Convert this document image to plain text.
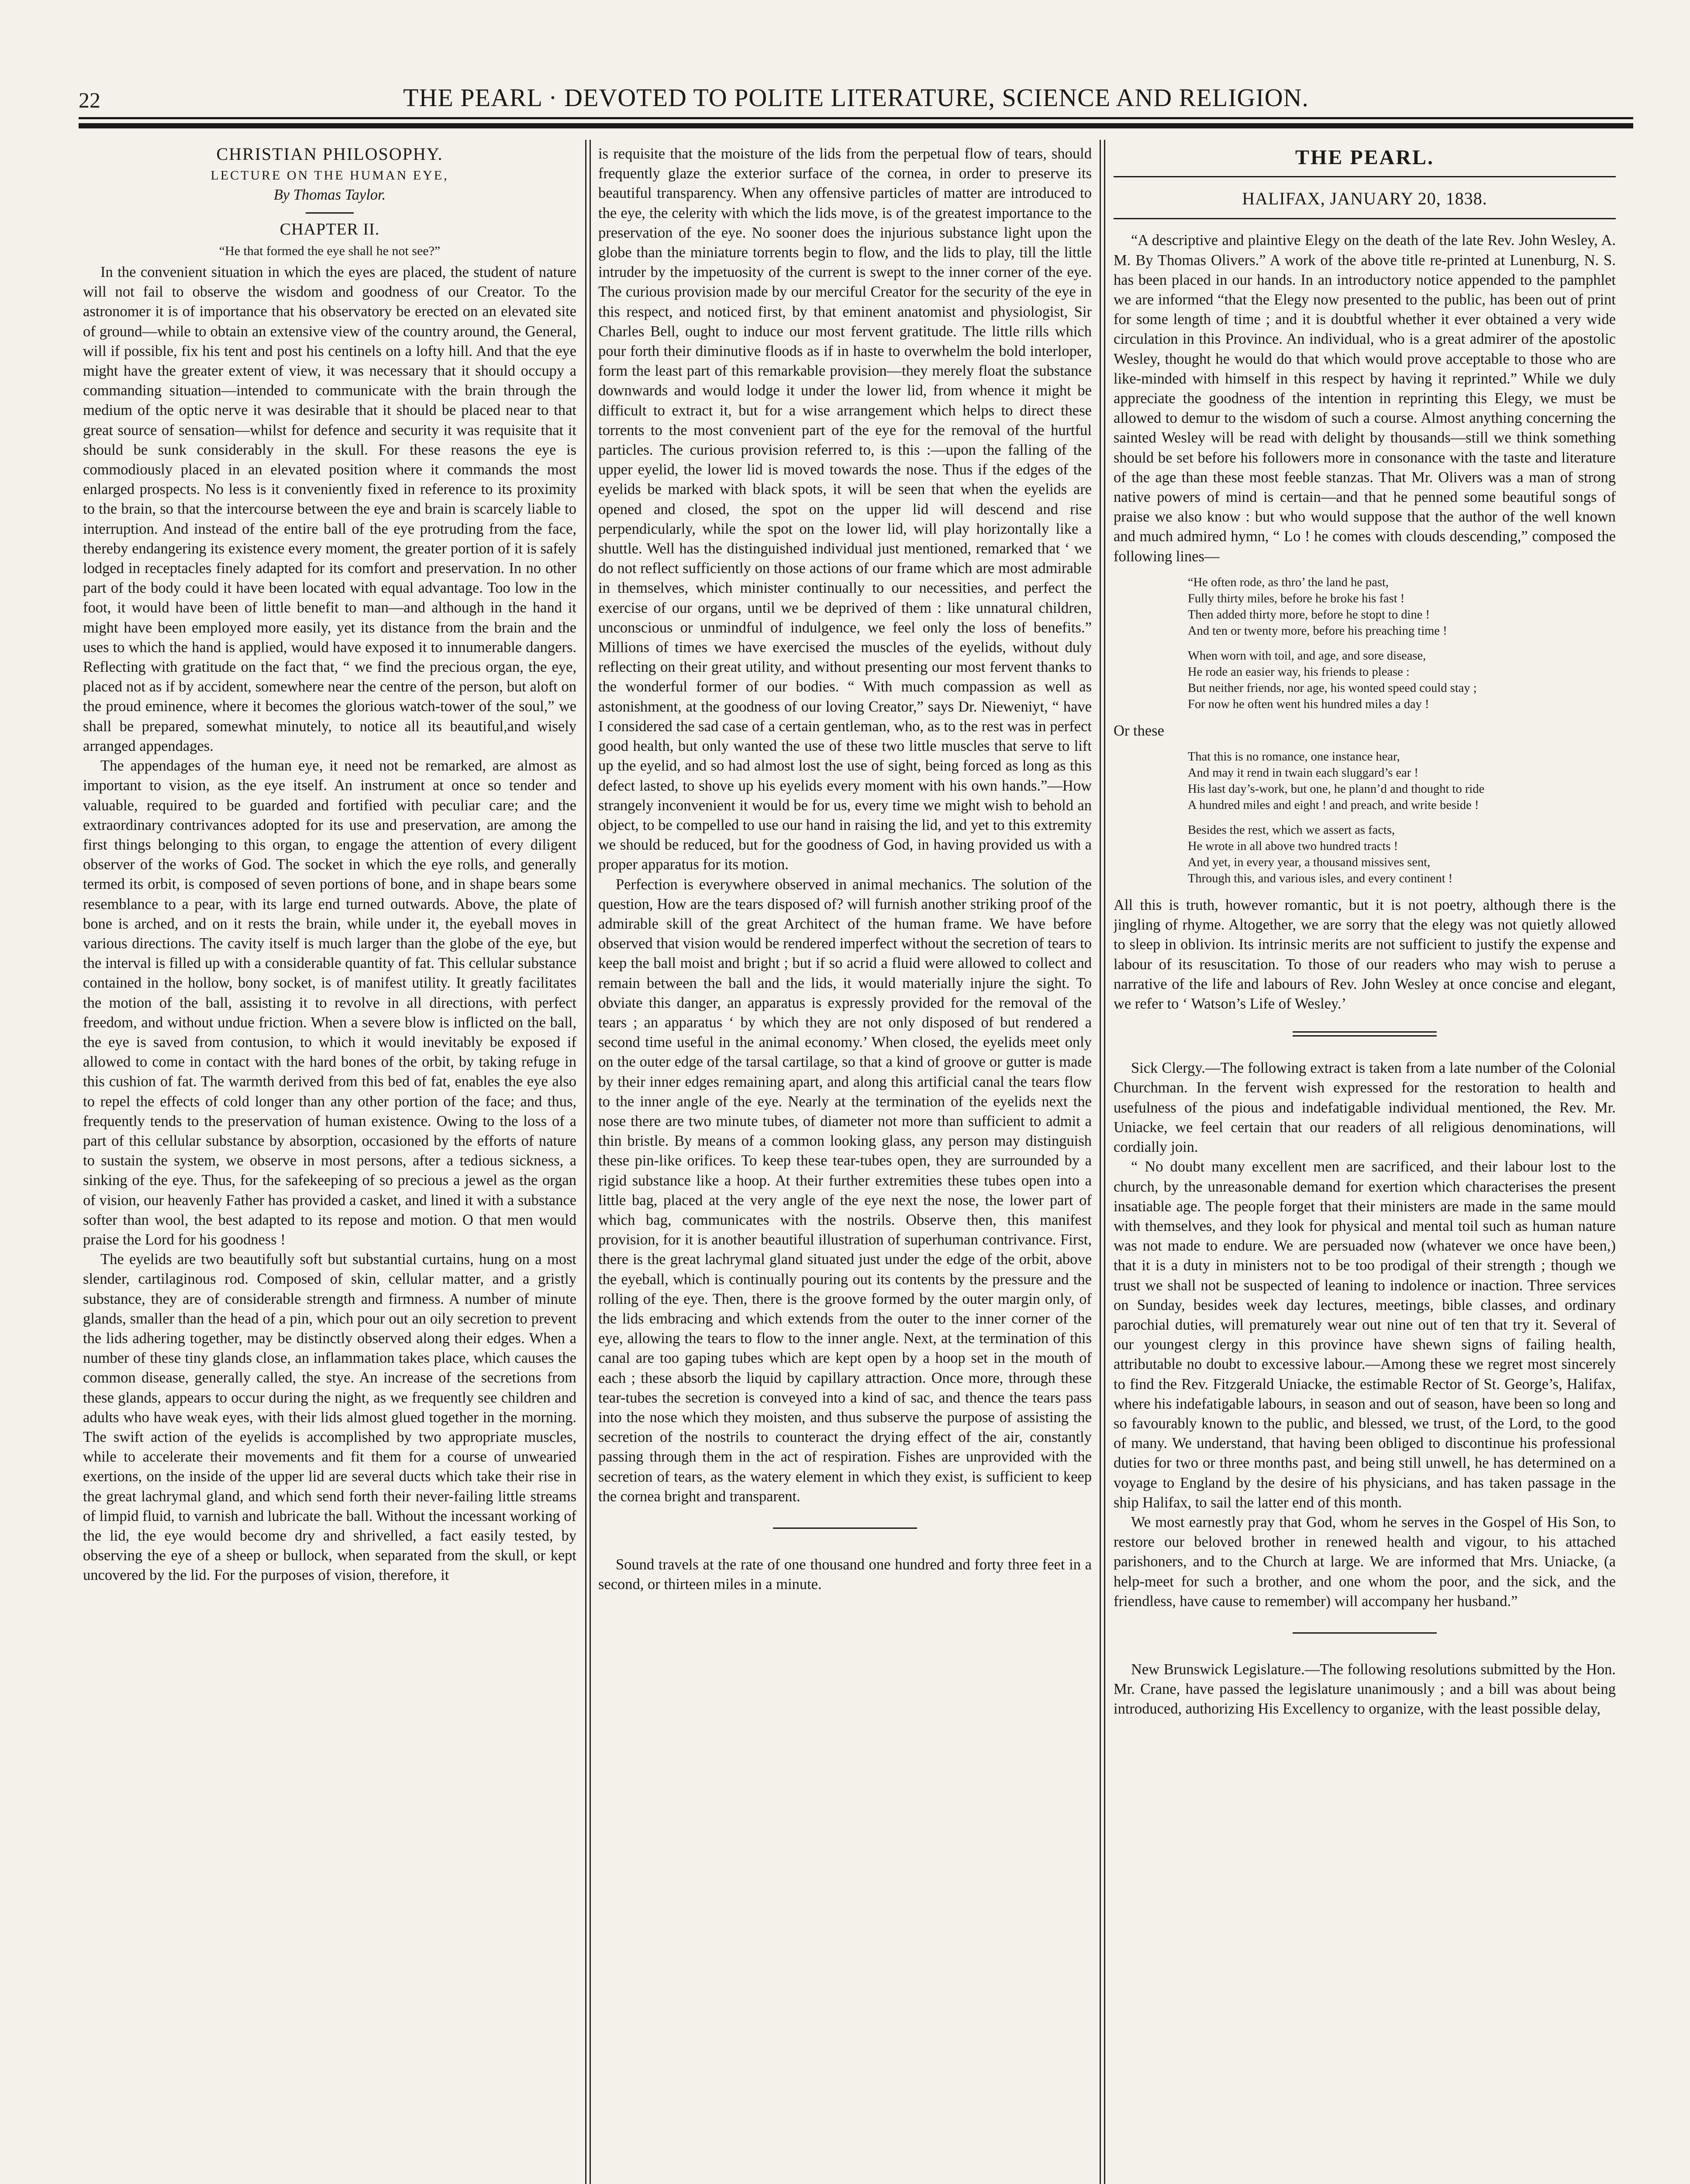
22	THE PEARL · DEVOTED TO POLITE LITERATURE, SCIENCE AND RELIGION.

CHRISTIAN PHILOSOPHY.

LECTURE ON THE HUMAN EYE,

By Thomas Taylor.

CHAPTER II.

“He that formed the eye shall he not see?”

In the convenient situation in which the eyes are placed, the student of nature will not fail to observe the wisdom and goodness of our Creator. To the astronomer it is of importance that his observatory be erected on an elevated site of ground—while to obtain an extensive view of the country around, the General, will if possible, fix his tent and post his centinels on a lofty hill. And that the eye might have the greater extent of view, it was necessary that it should occupy a commanding situation—intended to communicate with the brain through the medium of the optic nerve it was desirable that it should be placed near to that great source of sensation—whilst for defence and security it was requisite that it should be sunk considerably in the skull. For these reasons the eye is commodiously placed in an elevated position where it commands the most enlarged prospects. No less is it conveniently fixed in reference to its proximity to the brain, so that the intercourse between the eye and brain is scarcely liable to interruption. And instead of the entire ball of the eye protruding from the face, thereby endangering its existence every moment, the greater portion of it is safely lodged in receptacles finely adapted for its comfort and preservation. In no other part of the body could it have been located with equal advantage. Too low in the foot, it would have been of little benefit to man—and although in the hand it might have been employed more easily, yet its distance from the brain and the uses to which the hand is applied, would have exposed it to innumerable dangers. Reflecting with gratitude on the fact that, “ we find the precious organ, the eye, placed not as if by accident, somewhere near the centre of the person, but aloft on the proud eminence, where it becomes the glorious watch-tower of the soul,” we shall be prepared, somewhat minutely, to notice all its beautiful,and wisely arranged appendages.

The appendages of the human eye, it need not be remarked, are almost as important to vision, as the eye itself. An instrument at once so tender and valuable, required to be guarded and fortified with peculiar care; and the extraordinary contrivances adopted for its use and preservation, are among the first things belonging to this organ, to engage the attention of every diligent observer of the works of God. The socket in which the eye rolls, and generally termed its orbit, is composed of seven portions of bone, and in shape bears some resemblance to a pear, with its large end turned outwards. Above, the plate of bone is arched, and on it rests the brain, while under it, the eyeball moves in various directions. The cavity itself is much larger than the globe of the eye, but the interval is filled up with a considerable quantity of fat. This cellular substance contained in the hollow, bony socket, is of manifest utility. It greatly facilitates the motion of the ball, assisting it to revolve in all directions, with perfect freedom, and without undue friction. When a severe blow is inflicted on the ball, the eye is saved from contusion, to which it would inevitably be exposed if allowed to come in contact with the hard bones of the orbit, by taking refuge in this cushion of fat. The warmth derived from this bed of fat, enables the eye also to repel the effects of cold longer than any other portion of the face; and thus, frequently tends to the preservation of human existence. Owing to the loss of a part of this cellular substance by absorption, occasioned by the efforts of nature to sustain the system, we observe in most persons, after a tedious sickness, a sinking of the eye. Thus, for the safekeeping of so precious a jewel as the organ of vision, our heavenly Father has provided a casket, and lined it with a substance softer than wool, the best adapted to its repose and motion. O that men would praise the Lord for his goodness !

The eyelids are two beautifully soft but substantial curtains, hung on a most slender, cartilaginous rod. Composed of skin, cellular matter, and a gristly substance, they are of considerable strength and firmness. A number of minute glands, smaller than the head of a pin, which pour out an oily secretion to prevent the lids adhering together, may be distinctly observed along their edges. When a number of these tiny glands close, an inflammation takes place, which causes the common disease, generally called, the stye. An increase of the secretions from these glands, appears to occur during the night, as we frequently see children and adults who have weak eyes, with their lids almost glued together in the morning. The swift action of the eyelids is accomplished by two appropriate muscles, while to accelerate their movements and fit them for a course of unwearied exertions, on the inside of the upper lid are several ducts which take their rise in the great lachrymal gland, and which send forth their never-failing little streams of limpid fluid, to varnish and lubricate the ball. Without the incessant working of the lid, the eye would become dry and shrivelled, a fact easily tested, by observing the eye of a sheep or bullock, when separated from the skull, or kept uncovered by the lid. For the purposes of vision, therefore, it

is requisite that the moisture of the lids from the perpetual flow of tears, should frequently glaze the exterior surface of the cornea, in order to preserve its beautiful transparency. When any offensive particles of matter are introduced to the eye, the celerity with which the lids move, is of the greatest importance to the preservation of the eye. No sooner does the injurious substance light upon the globe than the miniature torrents begin to flow, and the lids to play, till the little intruder by the impetuosity of the current is swept to the inner corner of the eye. The curious provision made by our merciful Creator for the security of the eye in this respect, and noticed first, by that eminent anatomist and physiologist, Sir Charles Bell, ought to induce our most fervent gratitude. The little rills which pour forth their diminutive floods as if in haste to overwhelm the bold interloper, form the least part of this remarkable provision—they merely float the substance downwards and would lodge it under the lower lid, from whence it might be difficult to extract it, but for a wise arrangement which helps to direct these torrents to the most convenient part of the eye for the removal of the hurtful particles. The curious provision referred to, is this :—upon the falling of the upper eyelid, the lower lid is moved towards the nose. Thus if the edges of the eyelids be marked with black spots, it will be seen that when the eyelids are opened and closed, the spot on the upper lid will descend and rise perpendicularly, while the spot on the lower lid, will play horizontally like a shuttle. Well has the distinguished individual just mentioned, remarked that ‘ we do not reflect sufficiently on those actions of our frame which are most admirable in themselves, which minister continually to our necessities, and perfect the exercise of our organs, until we be deprived of them : like unnatural children, unconscious or unmindful of indulgence, we feel only the loss of benefits.” Millions of times we have exercised the muscles of the eyelids, without duly reflecting on their great utility, and without presenting our most fervent thanks to the wonderful former of our bodies. “ With much compassion as well as astonishment, at the goodness of our loving Creator,” says Dr. Nieweniyt, “ have I considered the sad case of a certain gentleman, who, as to the rest was in perfect good health, but only wanted the use of these two little muscles that serve to lift up the eyelid, and so had almost lost the use of sight, being forced as long as this defect lasted, to shove up his eyelids every moment with his own hands.”—How strangely inconvenient it would be for us, every time we might wish to behold an object, to be compelled to use our hand in raising the lid, and yet to this extremity we should be reduced, but for the goodness of God, in having provided us with a proper apparatus for its motion.

Perfection is everywhere observed in animal mechanics. The solution of the question, How are the tears disposed of? will furnish another striking proof of the admirable skill of the great Architect of the human frame. We have before observed that vision would be rendered imperfect without the secretion of tears to keep the ball moist and bright ; but if so acrid a fluid were allowed to collect and remain between the ball and the lids, it would materially injure the sight. To obviate this danger, an apparatus is expressly provided for the removal of the tears ; an apparatus ‘ by which they are not only disposed of but rendered a second time useful in the animal economy.’ When closed, the eyelids meet only on the outer edge of the tarsal cartilage, so that a kind of groove or gutter is made by their inner edges remaining apart, and along this artificial canal the tears flow to the inner angle of the eye. Nearly at the termination of the eyelids next the nose there are two minute tubes, of diameter not more than sufficient to admit a thin bristle. By means of a common looking glass, any person may distinguish these pin-like orifices. To keep these tear-tubes open, they are surrounded by a rigid substance like a hoop. At their further extremities these tubes open into a little bag, placed at the very angle of the eye next the nose, the lower part of which bag, communicates with the nostrils. Observe then, this manifest provision, for it is another beautiful illustration of superhuman contrivance. First, there is the great lachrymal gland situated just under the edge of the orbit, above the eyeball, which is continually pouring out its contents by the pressure and the rolling of the eye. Then, there is the groove formed by the outer margin only, of the lids embracing and which extends from the outer to the inner corner of the eye, allowing the tears to flow to the inner angle. Next, at the termination of this canal are too gaping tubes which are kept open by a hoop set in the mouth of each ; these absorb the liquid by capillary attraction. Once more, through these tear-tubes the secretion is conveyed into a kind of sac, and thence the tears pass into the nose which they moisten, and thus subserve the purpose of assisting the secretion of the nostrils to counteract the drying effect of the air, constantly passing through them in the act of respiration. Fishes are unprovided with the secretion of tears, as the watery element in which they exist, is sufficient to keep the cornea bright and transparent.

Sound travels at the rate of one thousand one hundred and forty three feet in a second, or thirteen miles in a minute.

THE PEARL.
HALIFAX, JANUARY 20, 1838.

“A descriptive and plaintive Elegy on the death of the late Rev. John Wesley, A. M. By Thomas Olivers.” A work of the above title re-printed at Lunenburg, N. S. has been placed in our hands. In an introductory notice appended to the pamphlet we are informed “that the Elegy now presented to the public, has been out of print for some length of time ; and it is doubtful whether it ever obtained a very wide circulation in this Province. An individual, who is a great admirer of the apostolic Wesley, thought he would do that which would prove acceptable to those who are like-minded with himself in this respect by having it reprinted.” While we duly appreciate the goodness of the intention in reprinting this Elegy, we must be allowed to demur to the wisdom of such a course. Almost anything concerning the sainted Wesley will be read with delight by thousands—still we think something should be set before his followers more in consonance with the taste and literature of the age than these most feeble stanzas. That Mr. Olivers was a man of strong native powers of mind is certain—and that he penned some beautiful songs of praise we also know : but who would suppose that the author of the well known and much admired hymn, “ Lo ! he comes with clouds descending,” composed the following lines—

“He often rode, as thro’ the land he past,
Fully thirty miles, before he broke his fast !
Then added thirty more, before he stopt to dine !
And ten or twenty more, before his preaching time !
When worn with toil, and age, and sore disease,
He rode an easier way, his friends to please :
But neither friends, nor age, his wonted speed could stay ;
For now he often went his hundred miles a day !

Or these

That this is no romance, one instance hear,
And may it rend in twain each sluggard’s ear !
His last day’s-work, but one, he plann’d and thought to ride
A hundred miles and eight ! and preach, and write beside !
Besides the rest, which we assert as facts,
He wrote in all above two hundred tracts !
And yet, in every year, a thousand missives sent,
Through this, and various isles, and every continent !

All this is truth, however romantic, but it is not poetry, although there is the jingling of rhyme. Altogether, we are sorry that the elegy was not quietly allowed to sleep in oblivion. Its intrinsic merits are not sufficient to justify the expense and labour of its resuscitation. To those of our readers who may wish to peruse a narrative of the life and labours of Rev. John Wesley at once concise and elegant, we refer to ‘ Watson’s Life of Wesley.’

Sick Clergy.—The following extract is taken from a late number of the Colonial Churchman. In the fervent wish expressed for the restoration to health and usefulness of the pious and indefatigable individual mentioned, the Rev. Mr. Uniacke, we feel certain that our readers of all religious denominations, will cordially join.

“ No doubt many excellent men are sacrificed, and their labour lost to the church, by the unreasonable demand for exertion which characterises the present insatiable age. The people forget that their ministers are made in the same mould with themselves, and they look for physical and mental toil such as human nature was not made to endure. We are persuaded now (whatever we once have been,) that it is a duty in ministers not to be too prodigal of their strength ; though we trust we shall not be suspected of leaning to indolence or inaction. Three services on Sunday, besides week day lectures, meetings, bible classes, and ordinary parochial duties, will prematurely wear out nine out of ten that try it. Several of our youngest clergy in this province have shewn signs of failing health, attributable no doubt to excessive labour.—Among these we regret most sincerely to find the Rev. Fitzgerald Uniacke, the estimable Rector of St. George’s, Halifax, where his indefatigable labours, in season and out of season, have been so long and so favourably known to the public, and blessed, we trust, of the Lord, to the good of many. We understand, that having been obliged to discontinue his professional duties for two or three months past, and being still unwell, he has determined on a voyage to England by the desire of his physicians, and has taken passage in the ship Halifax, to sail the latter end of this month.

We most earnestly pray that God, whom he serves in the Gospel of His Son, to restore our beloved brother in renewed health and vigour, to his attached parishoners, and to the Church at large. We are informed that Mrs. Uniacke, (a help-meet for such a brother, and one whom the poor, and the sick, and the friendless, have cause to remember) will accompany her husband.”

New Brunswick Legislature.—The following resolutions submitted by the Hon. Mr. Crane, have passed the legislature unanimously ; and a bill was about being introduced, authorizing His Excellency to organize, with the least possible delay,
